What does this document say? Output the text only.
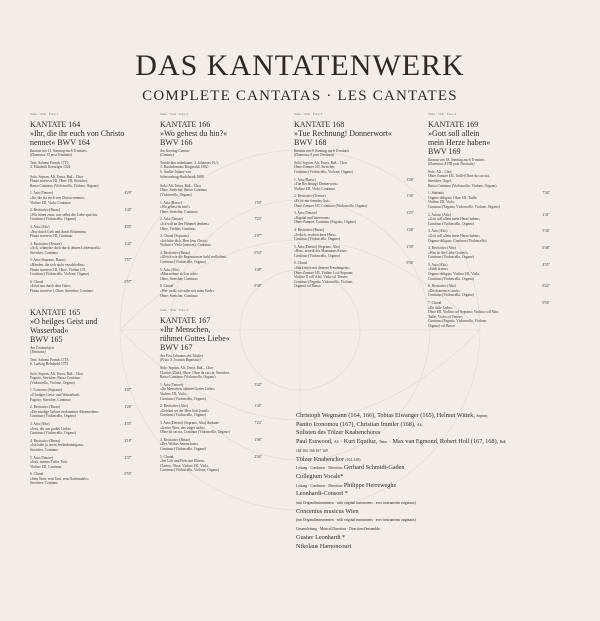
DAS KANTATENWERK
COMPLETE CANTATAS · LES CANTATES
Seite · Side · Face 1
KANTATE 164
»Ihr, die ihr euch von Christo
nennet« BWV 164
Kantate am 13. Sonntag nach Trinitatis
(Dominica 13 post Trinitatis)
Text: Salomo Franck 1715;
4. Elisabeth Kreuziger 1524

Solo: Sopran, Alt, Tenor, Baß – Chor
Flauto traverso I/II, Oboe I/II, Streicher,
Basso Continuo (Violoncello, Violone, Organo)
1. Aria (Tenore)
»Ihr, die ihr euch von Christo nennet«
Violino I/II, Viola, Continuo
4'29"
2. Recitativo (Basso)
»Wir hören zwar, was selbst die Liebe spricht«
Continuo (Violoncello, Organo)
1'45"
3. Aria (Alto)
»Nur durch Lieb und durch Erbarmen«
Flauto traverso I/II, Continuo
4'05"
4. Recitativo (Tenore)
»Ach, schmelze doch durch deinen Liebesstrahl«
Streicher, Continuo
1'42"
5. Aria (Soprano, Basso)
»Händen, die sich nicht verschließen«
Flauto traverso I/II, Oboe, Violino I/II,
Continuo (Violoncello, Violone, Organo)
5'57"
6. Choral
»Ertöt uns durch dein Güte«
Flauto traverso I, Oboe, Streicher, Continuo
0'57"
KANTATE 165
»O heilges Geist und Wasserbad«
BWV 165
Am Trinitatisfest
(Trinitatis)
Text: Salomo Franck 1715;
6. Ludwig Helmbold 1575

Solo: Sopran, Alt, Tenor, Baß – Chor
Fagotto, Streicher, Basso Continuo
(Violoncello, Violone, Organo)
1. Concerto (Soprano)
»O heilges Geist- und Wasserbad«
Fagotto, Streicher, Continuo
3'07"
2. Recitativo (Basso)
»Die sündige Geburt verdammter Adamserben«
Continuo (Violoncello, Organo)
1'26"
3. Aria (Alto)
»Jesu, der aus großer Liebe«
Continuo (Violoncello, Organo)
4'05"
4. Recitativo (Basso)
»Ich habe ja, mein Seelenbräutigam«
Streicher, Continuo
2'18"
5. Aria (Tenore)
»Jesu, meines Todes Tod«
Violino I/II, Continuo
2'37"
6. Choral
»Sein Wort, sein Tauf, sein Nachtmahle«
Streicher, Continuo
0'55"
Seite · Side · Face 2
KANTATE 166
»Wo gehest du hin?«
BWV 166
Am Sonntag Cantate
(Cantate)
Textdichter unbekannt; 3. Johannes 16,5;
3. Bartholomäus Ringwaldt 1582;
6. Ämilie Juliane von
Schwarzburg-Rudolstadt 1688

Solo: Alt, Tenor, Baß – Chor
Oboe, Streicher, Basso Continuo
(Violoncello, Organo)
1. Aria (Basso)
»Wo gehest du hin?«
Oboe, Streicher, Continuo
1'59"
2. Aria (Tenore)
»Ich will an den Himmel denken«
Oboe, Violino, Continuo
7'23"
3. Choral (Soprano)
»Ich bitte dich, Herr Jesu Christ«
Violino e Viola (unisoni), Continuo
2'07"
4. Recitativo (Basso)
»Gleich wie die Regenwasser bald verfließen«
Continuo (Violoncello, Organo)
0'54"
5. Aria (Alto)
»Man nehme sich in acht«
Oboe, Streicher, Continuo
3'49"
6. Choral
»Wer weiß, wie nahe mir mein Ende«
Oboe, Streicher, Continuo
0'49"
Seite · Side · Face 3
KANTATE 167
»Ihr Menschen,
rühmet Gottes Liebe«
BWV 167
Am Fest Johannis des Täufers
(Festo S. Joannis Baptistae)
Solo: Sopran, Alt, Tenor, Baß – Chor
Clarino (Zink), Oboe, Oboe da caccia, Streicher,
Basso Continuo (Violoncello, Organo)
1. Aria (Tenore)
»Ihr Menschen, rühmet Gottes Liebe«
Violino I/II, Viola,
Continuo (Violoncello, Organo)
5'42"
2. Recitativo (Alto)
»Gelobet sei der Herr Gott Israel«
Continuo (Violoncello, Organo)
1'45"
3. Aria (Duetto) (Soprano, Alto) Andante
»Gottes Wort, das trüget nicht«
Oboe da caccia, Continuo (Violoncello, Organo)
7'24"
4. Recitativo (Basso)
»Des Weibes Samen kam«
Continuo (Violoncello, Organo)
1'06"
5. Choral
»Sei Lob und Preis mit Ehren«
Clarino, Oboe, Violino I/II, Viola,
Continuo (Violoncello, Violone, Organo)
2'36"
Seite · Side · Face 3
KANTATE 168
»Tue Rechnung! Donnerwort«
BWV 168
Kantate am 9. Sonntag nach Trinitatis
(Dominica 9 post Trinitatis)
Solo: Sopran, Alt, Tenor, Baß – Chor
Oboe d'amore I/II, Streicher,
Continuo (Violoncello, Violone, Organo)
1. Aria (Basso)
»Tue Rechnung! Donnerwort«
Violino I/II, Viola, Continuo
3'26"
2. Recitativo (Tenore)
»Es ist nur fremdes Gut«
Oboe d'amore I/II, Continuo (Violoncello, Organo)
1'36"
3. Aria (Tenore)
»Kapital und Interessen«
Oboe d'amore, Continuo (Fagotto, Organo)
3'25"
4. Recitativo (Basso)
»Jedoch, erschrocknes Herz«
Continuo (Violoncello, Organo)
1'26"
5. Aria (Duetto) (Soprano, Alto)
»Herz, zerreiß des Mammons Kette«
Continuo (Violoncello, Organo)
2'30"
6. Choral
»Stärk mich mit deinem Freudengeist«
Oboe d'amore I/II, Violino I col Soprano;
Violino II coll'Alto; Viola col Tenore;
Continuo (Fagotto, Violoncello, Violone,
Organo) col Basso
0'56"
Seite · Side · Face 4
KANTATE 169
»Gott soll allein
mein Herze haben«
BWV 169
Kantate am 18. Sonntag nach Trinitatis
(Dominica XVIII post Trinitatis)
Solo: Alt – Chor
Oboe d'amore I/II, Taille (Oboe da caccia),
Streicher, Orgel,
Basso Continuo (Violoncello, Violone, Organo)
1. Sinfonia
Organo obligato, Oboe I/II, Taille,
Violino I/II, Viola,
Continuo (Fagotto, Violoncello, Violone, Organo)
7'34"
2. Arioso (Alto)
»Gott soll allein mein Herze haben«
Continuo (Violoncello, Organo)
2'41"
3. Aria (Alto)
»Gott soll allein mein Herze haben«
Organo obligato, Continuo (Violoncello)
5'34"
4. Recitativo (Alto)
»Was ist die Liebe Gottes?«
Continuo (Violoncello, Organo)
0'48"
5. Aria (Alto)
»Stirb in mir«
Organo obligato, Violino I/II, Viola,
Continuo (Violoncello, Organo)
4'55"
6. Recitativo (Alto)
»Doch meint es auch«
Continuo (Violoncello, Organo)
0'22"
7. Choral
»Du süße Liebe«
Oboe I/II, Violino col Soprano; Violino coll'Alto;
Taille, Viola col Tenore;
Continuo (Fagotto, Violoncello, Violone,
Organo) col Basso
0'56"
Christoph Wegmann (164, 166), Tobias Eiwanger (165), Helmut Wittek, Sopran;
Panito Iconomou (167), Christian Immler (168), Alt;
Solisten des Tölzer Knabenchores
Paul Esswood, Alt · Kurt Equiluz, Tenor · Max van Egmond, Robert Holl (167, 168), Baß
164·165·166·167·169
Tölzer Knabenchor (164–169)
Leitung · Conductor · Direction: Gerhard Schmidt-Gaden
Collegium Vocale*
Leitung · Conductor · Direction: Philippe Herreweghe
Leonhardt-Consort *
(mit Originalinstrumenten · with original instruments · avec instruments originaux)
Concentus musicus Wien
(mit Originalinstrumenten · with original instruments · avec instruments originaux)
Gesamtleitung · Musical Direction · Direction d'ensemble:
Gustav Leonhardt *
Nikolaus Harnoncourt
